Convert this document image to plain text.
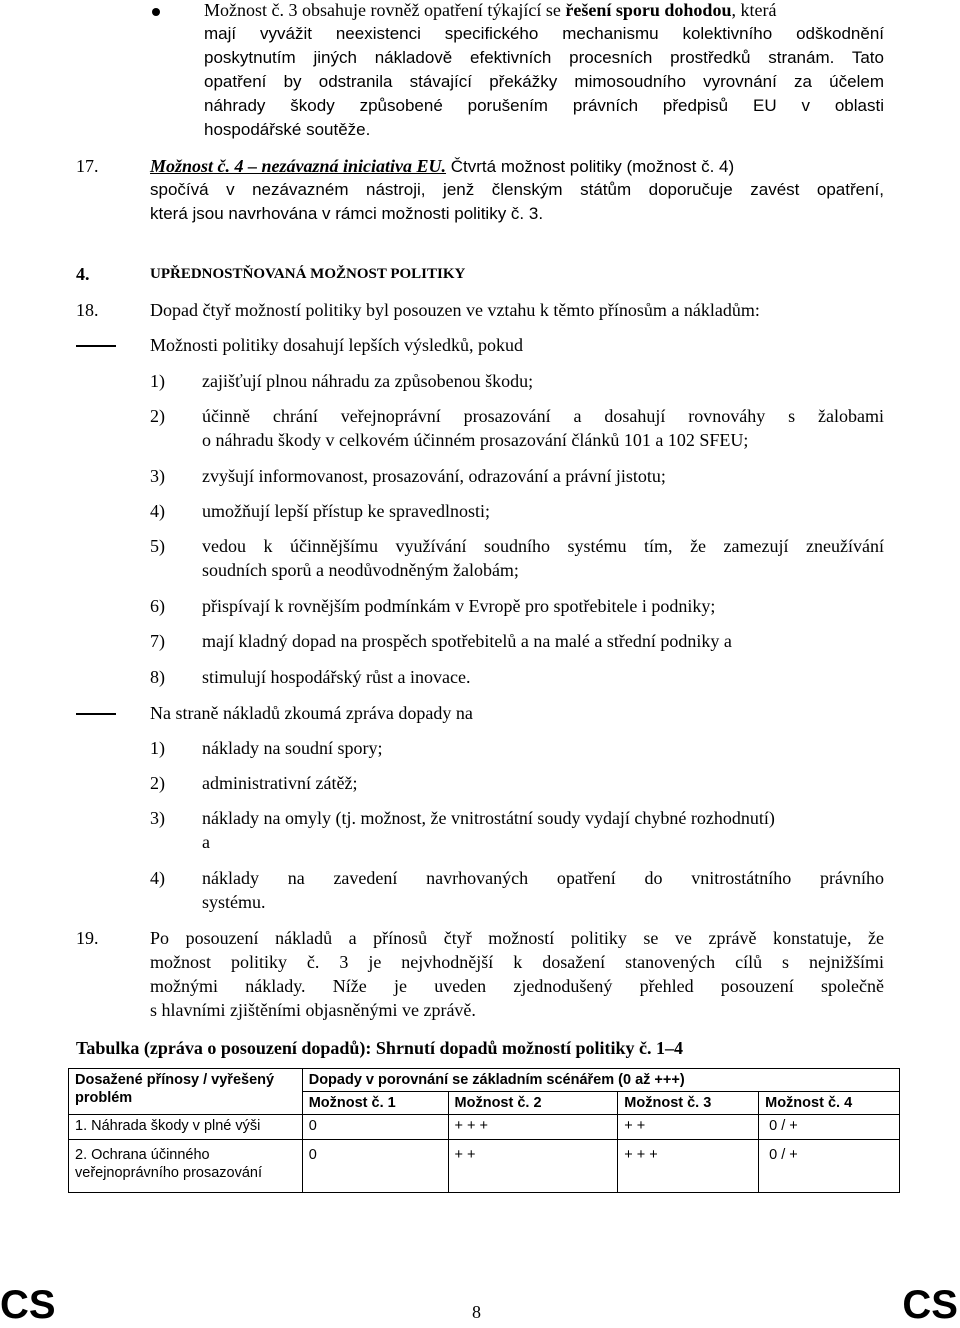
Možnost č. 3 obsahuje rovněž opatření týkající se řešení sporu dohodou, která
mají vyvážit neexistenci specifického mechanismu kolektivního odškodnění
poskytnutím jiných nákladově efektivních procesních prostředků stranám. Tato
opatření by odstranila stávající překážky mimosoudního vyrovnání za účelem
náhrady škody způsobené porušením právních předpisů EU v oblasti
hospodářské soutěže.
17.	Možnost č. 4 – nezávazná iniciativa EU. Čtvrtá možnost politiky (možnost č. 4)
spočívá v nezávazném nástroji, jenž členským státům doporučuje zavést opatření,
která jsou navrhována v rámci možnosti politiky č. 3.
4.	UPŘEDNOSTŇOVANÁ MOŽNOST POLITIKY
18.	Dopad čtyř možností politiky byl posouzen ve vztahu k těmto přínosům a nákladům:
Možnosti politiky dosahují lepších výsledků, pokud
1) zajišťují plnou náhradu za způsobenou škodu;
2) účinně chrání veřejnoprávní prosazování a dosahují rovnováhy s žalobami
o náhradu škody v celkovém účinném prosazování článků 101 a 102 SFEU;
3) zvyšují informovanost, prosazování, odrazování a právní jistotu;
4) umožňují lepší přístup ke spravedlnosti;
5) vedou k účinnějšímu využívání soudního systému tím, že zamezují zneužívání
soudních sporů a neodůvodněným žalobám;
6) přispívají k rovnějším podmínkám v Evropě pro spotřebitele i podniky;
7) mají kladný dopad na prospěch spotřebitelů a na malé a střední podniky a
8) stimulují hospodářský růst a inovace.
Na straně nákladů zkoumá zpráva dopady na
1) náklady na soudní spory;
2) administrativní zátěž;
3) náklady na omyly (tj. možnost, že vnitrostátní soudy vydají chybné rozhodnutí)
a
4) náklady na zavedení navrhovaných opatření do vnitrostátního právního
systému.
19.	Po posouzení nákladů a přínosů čtyř možností politiky se ve zprávě konstatuje, že
možnost politiky č. 3 je nejvhodnější k dosažení stanovených cílů s nejnižšími
možnými náklady. Níže je uveden zjednodušený přehled posouzení společně
s hlavními zjištěními objasněnými ve zprávě.
Tabulka (zpráva o posouzení dopadů): Shrnutí dopadů možností politiky č. 1–4
Dosažené přínosy / vyřešený problém	Dopady v porovnání se základním scénářem (0 až +++)			
	Možnost č. 1	Možnost č. 2	Možnost č. 3	Možnost č. 4
1. Náhrada škody v plné výši	0	+ + +	+ +	0 / +
2. Ochrana účinného veřejnoprávního prosazování	0	+ +	+ + +	0 / +
CS	8	CS
